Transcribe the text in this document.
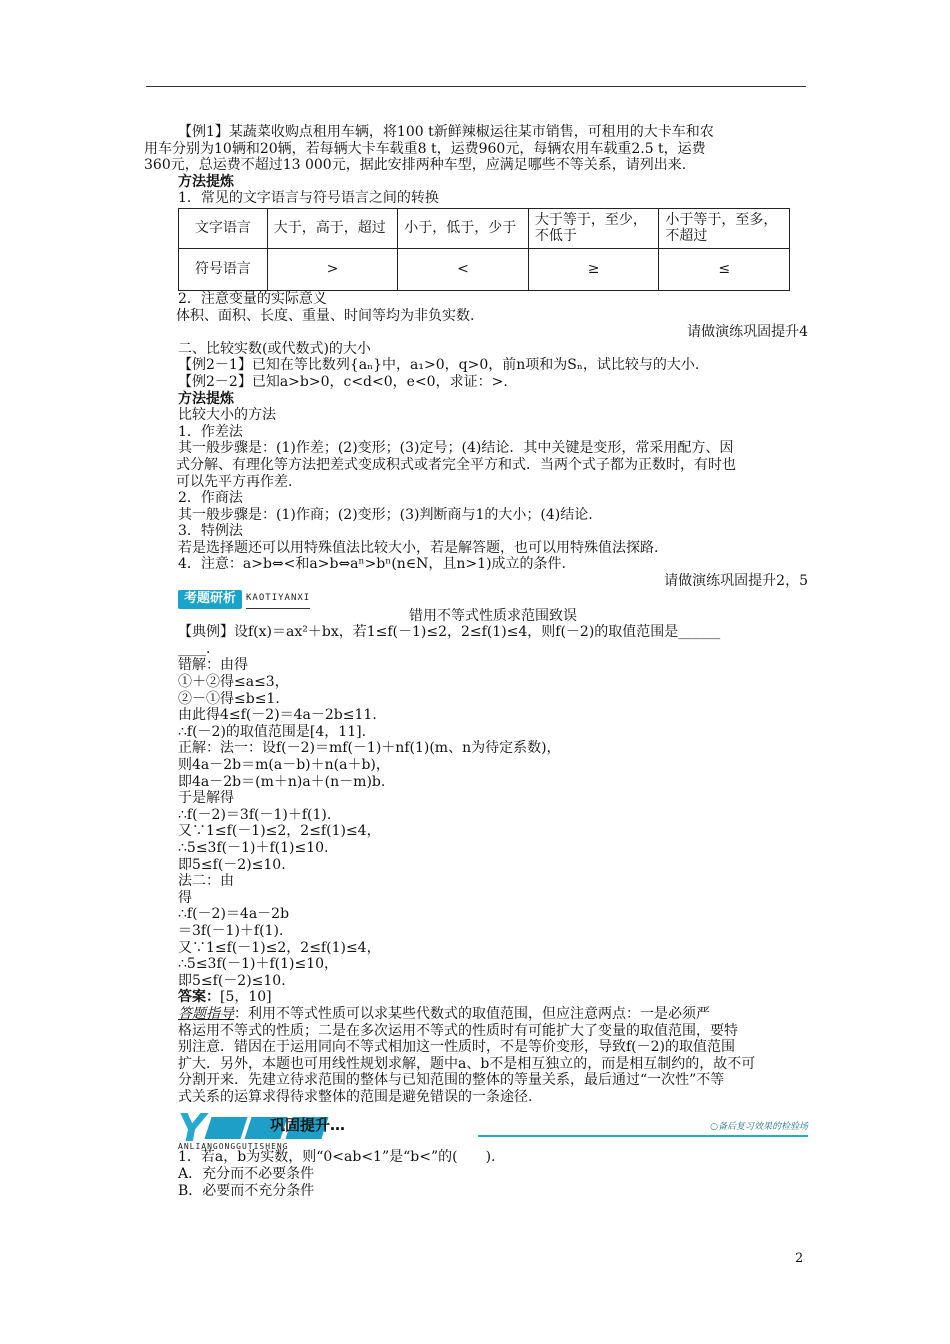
【例1】某蔬菜收购点租用车辆，将100 t新鲜辣椒运往某市销售，可租用的大卡车和农
用车分别为10辆和20辆，若每辆大卡车载重8 t，运费960元，每辆农用车载重2.5 t，运费
360元，总运费不超过13 000元，据此安排两种车型，应满足哪些不等关系，请列出来.
方法提炼
1．常见的文字语言与符号语言之间的转换
文字语言	大于，高于，超过	小于，低于，少于	大于等于，至少，不低于	小于等于，至多，不超过
符号语言	>	<	≥	≤
2．注意变量的实际意义
体积、面积、长度、重量、时间等均为非负实数.
请做演练巩固提升4
二、比较实数(或代数式)的大小
【例2－1】已知在等比数列{aₙ}中，a₁>0，q>0，前n项和为Sₙ，试比较与的大小.
【例2－2】已知a>b>0，c<d<0，e<0，求证：>.
方法提炼
比较大小的方法
1．作差法
其一般步骤是：(1)作差；(2)变形；(3)定号；(4)结论．其中关键是变形，常采用配方、因
式分解、有理化等方法把差式变成积式或者完全平方和式．当两个式子都为正数时，有时也
可以先平方再作差.
2．作商法
其一般步骤是：(1)作商；(2)变形；(3)判断商与1的大小；(4)结论.
3．特例法
若是选择题还可以用特殊值法比较大小，若是解答题，也可以用特殊值法探路.
4．注意：a>b⇔<和a>b⇔aⁿ>bⁿ(n∈N，且n>1)成立的条件.
请做演练巩固提升2，5
考题研析	KAOTIYANXI
错用不等式性质求范围致误
【典例】设f(x)＝ax²＋bx，若1≤f(－1)≤2，2≤f(1)≤4，则f(－2)的取值范围是______
____.
错解：由得
①＋②得≤a≤3，
②－①得≤b≤1.
由此得4≤f(－2)＝4a－2b≤11.
∴f(－2)的取值范围是[4，11].
正解：法一：设f(－2)＝mf(－1)＋nf(1)(m、n为待定系数)，
则4a－2b＝m(a－b)＋n(a＋b)，
即4a－2b＝(m＋n)a＋(n－m)b.
于是解得
∴f(－2)＝3f(－1)＋f(1).
又∵1≤f(－1)≤2，2≤f(1)≤4，
∴5≤3f(－1)＋f(1)≤10.
即5≤f(－2)≤10.
法二：由
得
∴f(－2)＝4a－2b
＝3f(－1)＋f(1).
又∵1≤f(－1)≤2，2≤f(1)≤4，
∴5≤3f(－1)＋f(1)≤10，
即5≤f(－2)≤10.
答案：[5，10]
答题指导：利用不等式性质可以求某些代数式的取值范围，但应注意两点：一是必须严
格运用不等式的性质；二是在多次运用不等式的性质时有可能扩大了变量的取值范围，要特
别注意．错因在于运用同向不等式相加这一性质时，不是等价变形，导致f(－2)的取值范围
扩大．另外，本题也可用线性规划求解，题中a、b不是相互独立的，而是相互制约的，故不可
分割开来．先建立待求范围的整体与已知范围的整体的等量关系，最后通过“一次性”不等
式关系的运算求得待求整体的范围是避免错误的一条途径.
Y	巩固提升…
ANLIANGONGGUTISHENG
○备后复习效果的检验场
1．若a，b为实数，则“0<ab<1”是“b<”的(　　).
A．充分而不必要条件
B．必要而不充分条件
2
